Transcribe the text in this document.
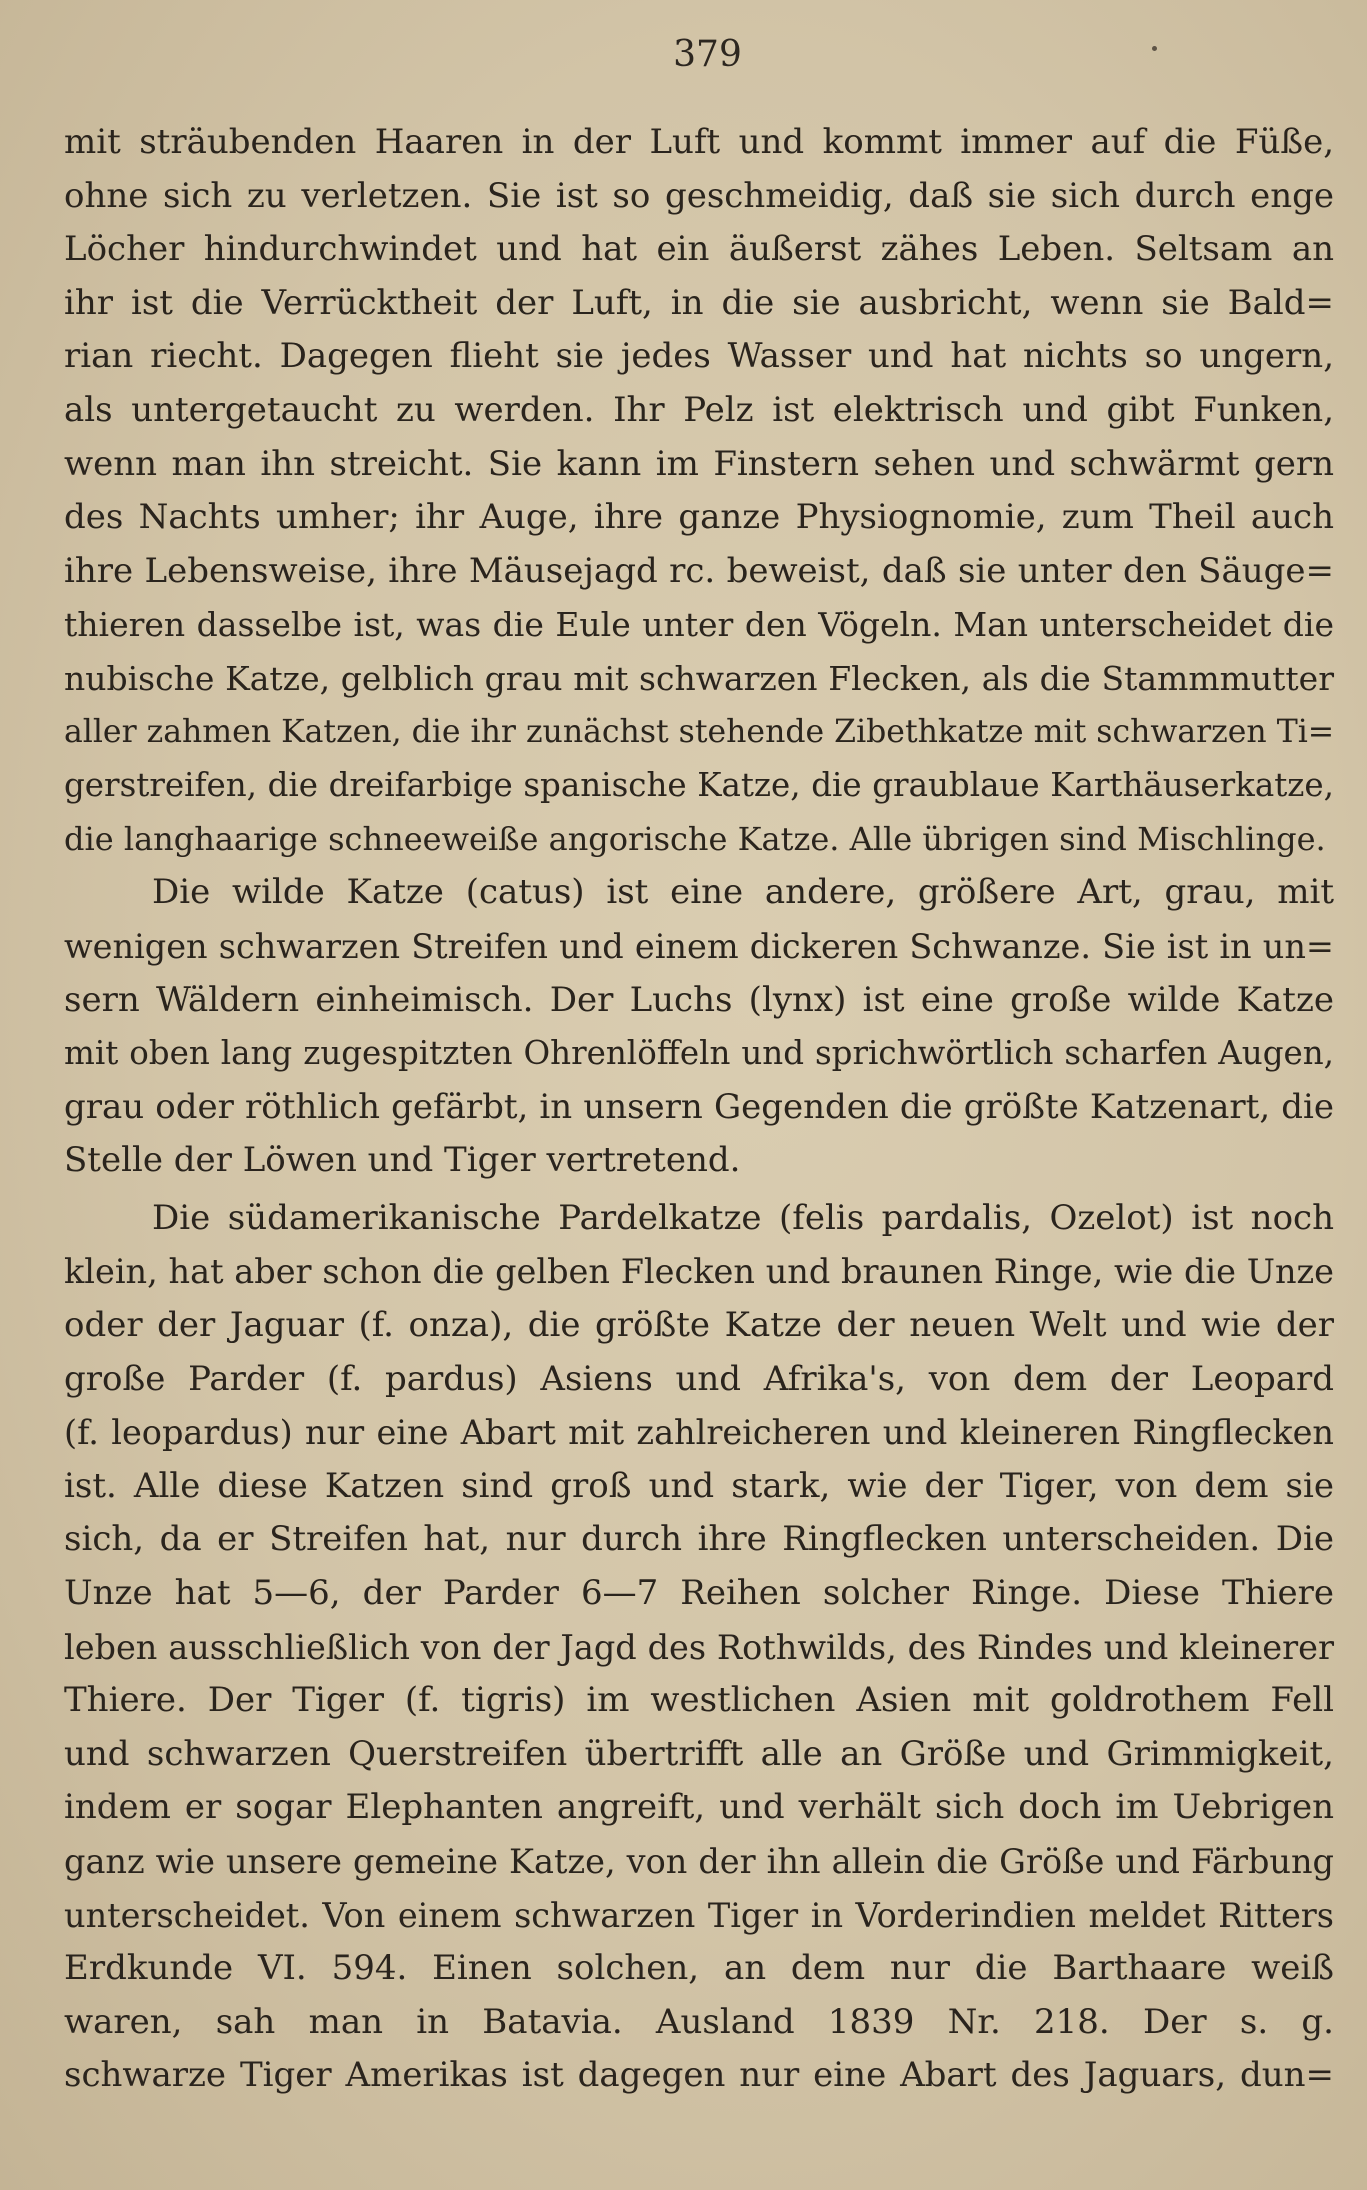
379
mit sträubenden Haaren in der Luft und kommt immer auf die Füße,
ohne sich zu verletzen. Sie ist so geschmeidig, daß sie sich durch enge
Löcher hindurchwindet und hat ein äußerst zähes Leben. Seltsam an
ihr ist die Verrücktheit der Luft, in die sie ausbricht, wenn sie Bald=
rian riecht. Dagegen flieht sie jedes Wasser und hat nichts so ungern,
als untergetaucht zu werden. Ihr Pelz ist elektrisch und gibt Funken,
wenn man ihn streicht. Sie kann im Finstern sehen und schwärmt gern
des Nachts umher; ihr Auge, ihre ganze Physiognomie, zum Theil auch
ihre Lebensweise, ihre Mäusejagd rc. beweist, daß sie unter den Säuge=
thieren dasselbe ist, was die Eule unter den Vögeln. Man unterscheidet die
nubische Katze, gelblich grau mit schwarzen Flecken, als die Stammmutter
aller zahmen Katzen, die ihr zunächst stehende Zibethkatze mit schwarzen Ti=
gerstreifen, die dreifarbige spanische Katze, die graublaue Karthäuserkatze,
die langhaarige schneeweiße angorische Katze. Alle übrigen sind Mischlinge.
Die wilde Katze (catus) ist eine andere, größere Art, grau, mit
wenigen schwarzen Streifen und einem dickeren Schwanze. Sie ist in un=
sern Wäldern einheimisch. Der Luchs (lynx) ist eine große wilde Katze
mit oben lang zugespitzten Ohrenlöffeln und sprichwörtlich scharfen Augen,
grau oder röthlich gefärbt, in unsern Gegenden die größte Katzenart, die
Stelle der Löwen und Tiger vertretend.
Die südamerikanische Pardelkatze (felis pardalis, Ozelot) ist noch
klein, hat aber schon die gelben Flecken und braunen Ringe, wie die Unze
oder der Jaguar (f. onza), die größte Katze der neuen Welt und wie der
große Parder (f. pardus) Asiens und Afrika's, von dem der Leopard
(f. leopardus) nur eine Abart mit zahlreicheren und kleineren Ringflecken
ist. Alle diese Katzen sind groß und stark, wie der Tiger, von dem sie
sich, da er Streifen hat, nur durch ihre Ringflecken unterscheiden. Die
Unze hat 5—6, der Parder 6—7 Reihen solcher Ringe. Diese Thiere
leben ausschließlich von der Jagd des Rothwilds, des Rindes und kleinerer
Thiere. Der Tiger (f. tigris) im westlichen Asien mit goldrothem Fell
und schwarzen Querstreifen übertrifft alle an Größe und Grimmigkeit,
indem er sogar Elephanten angreift, und verhält sich doch im Uebrigen
ganz wie unsere gemeine Katze, von der ihn allein die Größe und Färbung
unterscheidet. Von einem schwarzen Tiger in Vorderindien meldet Ritters
Erdkunde VI. 594. Einen solchen, an dem nur die Barthaare weiß
waren, sah man in Batavia. Ausland 1839 Nr. 218. Der s. g.
schwarze Tiger Amerikas ist dagegen nur eine Abart des Jaguars, dun=
